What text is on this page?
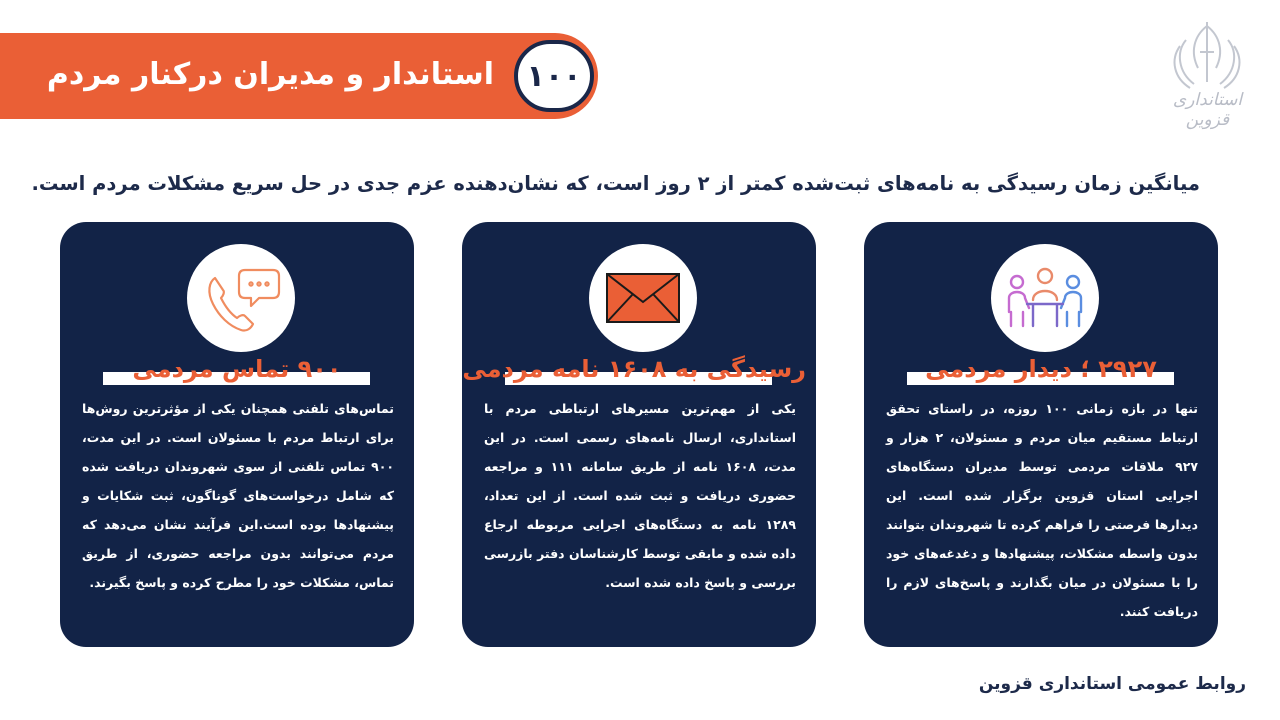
استاندار و مدیران درکنار مردم	۱۰۰
استانداری قزوین
میانگین زمان رسیدگی به نامه‌های ثبت‌شده کمتر از ۲ روز است، که نشان‌دهنده عزم جدی در حل سریع مشکلات مردم است.
۲۹۲۷ ؛ دیدار مردمی
تنها در بازه زمانی ۱۰۰ روزه، در راستای تحقق ارتباط مستقیم میان مردم و مسئولان، ۲ هزار و ۹۲۷ ملاقات مردمی توسط مدیران دستگاه‌های اجرایی استان قزوین برگزار شده است. این دیدارها فرصتی را فراهم کرده تا شهروندان بتوانند بدون واسطه مشکلات، پیشنهادها و دغدغه‌های خود را با مسئولان در میان بگذارند و پاسخ‌های لازم را دریافت کنند.
رسیدگی به ۱۶۰۸ نامه مردمی
یکی از مهم‌ترین مسیرهای ارتباطی مردم با استانداری، ارسال نامه‌های رسمی است. در این مدت، ۱۶۰۸ نامه از طریق سامانه ۱۱۱ و مراجعه حضوری دریافت و ثبت شده است. از این تعداد، ۱۲۸۹ نامه به دستگاه‌های اجرایی مربوطه ارجاع داده شده و مابقی توسط کارشناسان دفتر بازرسی بررسی و پاسخ داده شده است.
۹۰۰ تماس مردمی
تماس‌های تلفنی همچنان یکی از مؤثرترین روش‌ها برای ارتباط مردم با مسئولان است. در این مدت، ۹۰۰ تماس تلفنی از سوی شهروندان دریافت شده که شامل درخواست‌های گوناگون، ثبت شکایات و پیشنهادها بوده است.این فرآیند نشان می‌دهد که مردم می‌توانند بدون مراجعه حضوری، از طریق تماس، مشکلات خود را مطرح کرده و پاسخ بگیرند.
روابط عمومی استانداری قزوین
